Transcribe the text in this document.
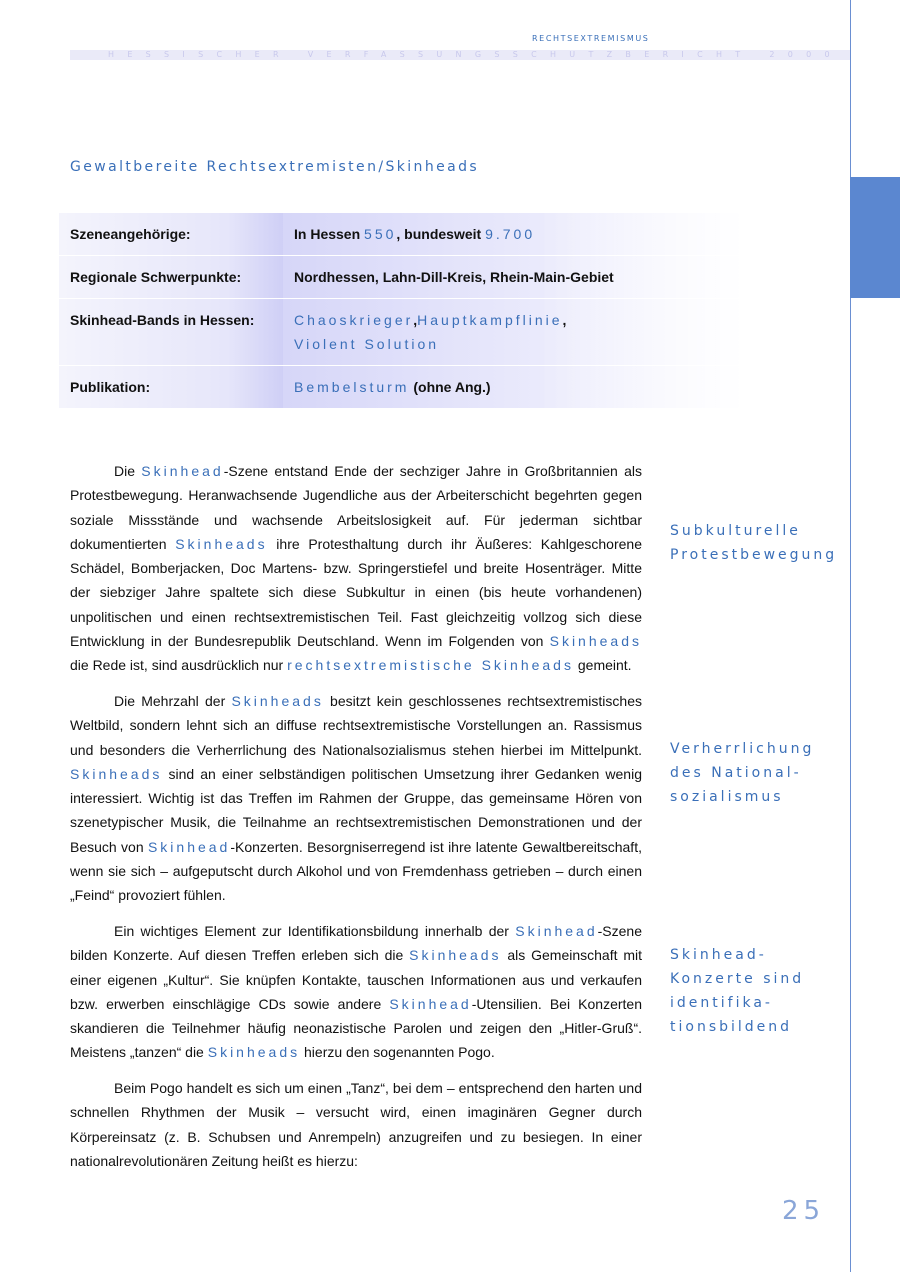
RECHTSEXTREMISMUS
HESSISCHER VERFASSUNGSSCHUTZBERICHT 2000
Gewaltbereite Rechtsextremisten/Skinheads
Szeneangehörige:	In Hessen 550, bundesweit 9.700
Regionale Schwerpunkte:	Nordhessen, Lahn-Dill-Kreis, Rhein-Main-Gebiet
Skinhead-Bands in Hessen:	Chaoskrieger,Hauptkampflinie,
Violent Solution
Publikation:	Bembelsturm (ohne Ang.)

Die Skinhead-Szene entstand Ende der sechziger Jahre in Großbritannien als Protestbewegung. Heranwachsende Jugendliche aus der Arbeiterschicht begehrten gegen soziale Missstände und wachsende Arbeitslosigkeit auf. Für jederman sichtbar dokumentierten Skinheads ihre Protesthaltung durch ihr Äußeres: Kahlgeschorene Schädel, Bomberjacken, Doc Martens- bzw. Springerstiefel und breite Hosenträger. Mitte der siebziger Jahre spaltete sich diese Subkultur in einen (bis heute vorhandenen) unpolitischen und einen rechtsextremistischen Teil. Fast gleichzeitig vollzog sich diese Entwicklung in der Bundesrepublik Deutschland. Wenn im Folgenden von Skinheads die Rede ist, sind ausdrücklich nur rechtsextremistische Skinheads gemeint.

Die Mehrzahl der Skinheads besitzt kein geschlossenes rechtsextremistisches Weltbild, sondern lehnt sich an diffuse rechtsextremistische Vorstellungen an. Rassismus und besonders die Verherrlichung des Nationalsozialismus stehen hierbei im Mittelpunkt. Skinheads sind an einer selbständigen politischen Umsetzung ihrer Gedanken wenig interessiert. Wichtig ist das Treffen im Rahmen der Gruppe, das gemeinsame Hören von szenetypischer Musik, die Teilnahme an rechtsextremistischen Demonstrationen und der Besuch von Skinhead-Konzerten. Besorgniserregend ist ihre latente Gewaltbereitschaft, wenn sie sich – aufgeputscht durch Alkohol und von Fremdenhass getrieben – durch einen „Feind“ provoziert fühlen.

Ein wichtiges Element zur Identifikationsbildung innerhalb der Skinhead-Szene bilden Konzerte. Auf diesen Treffen erleben sich die Skinheads als Gemeinschaft mit einer eigenen „Kultur“. Sie knüpfen Kontakte, tauschen Informationen aus und verkaufen bzw. erwerben einschlägige CDs sowie andere Skinhead-Utensilien. Bei Konzerten skandieren die Teilnehmer häufig neonazistische Parolen und zeigen den „Hitler-Gruß“. Meistens „tanzen“ die Skinheads hierzu den sogenannten Pogo.

Beim Pogo handelt es sich um einen „Tanz“, bei dem – entsprechend den harten und schnellen Rhythmen der Musik – versucht wird, einen imaginären Gegner durch Körpereinsatz (z. B. Schubsen und Anrempeln) anzugreifen und zu besiegen. In einer nationalrevolutionären Zeitung heißt es hierzu:

Subkulturelle
Protestbewegung
Verherrlichung
des National-
sozialismus
Skinhead-
Konzerte sind
identifika-
tionsbildend
25
